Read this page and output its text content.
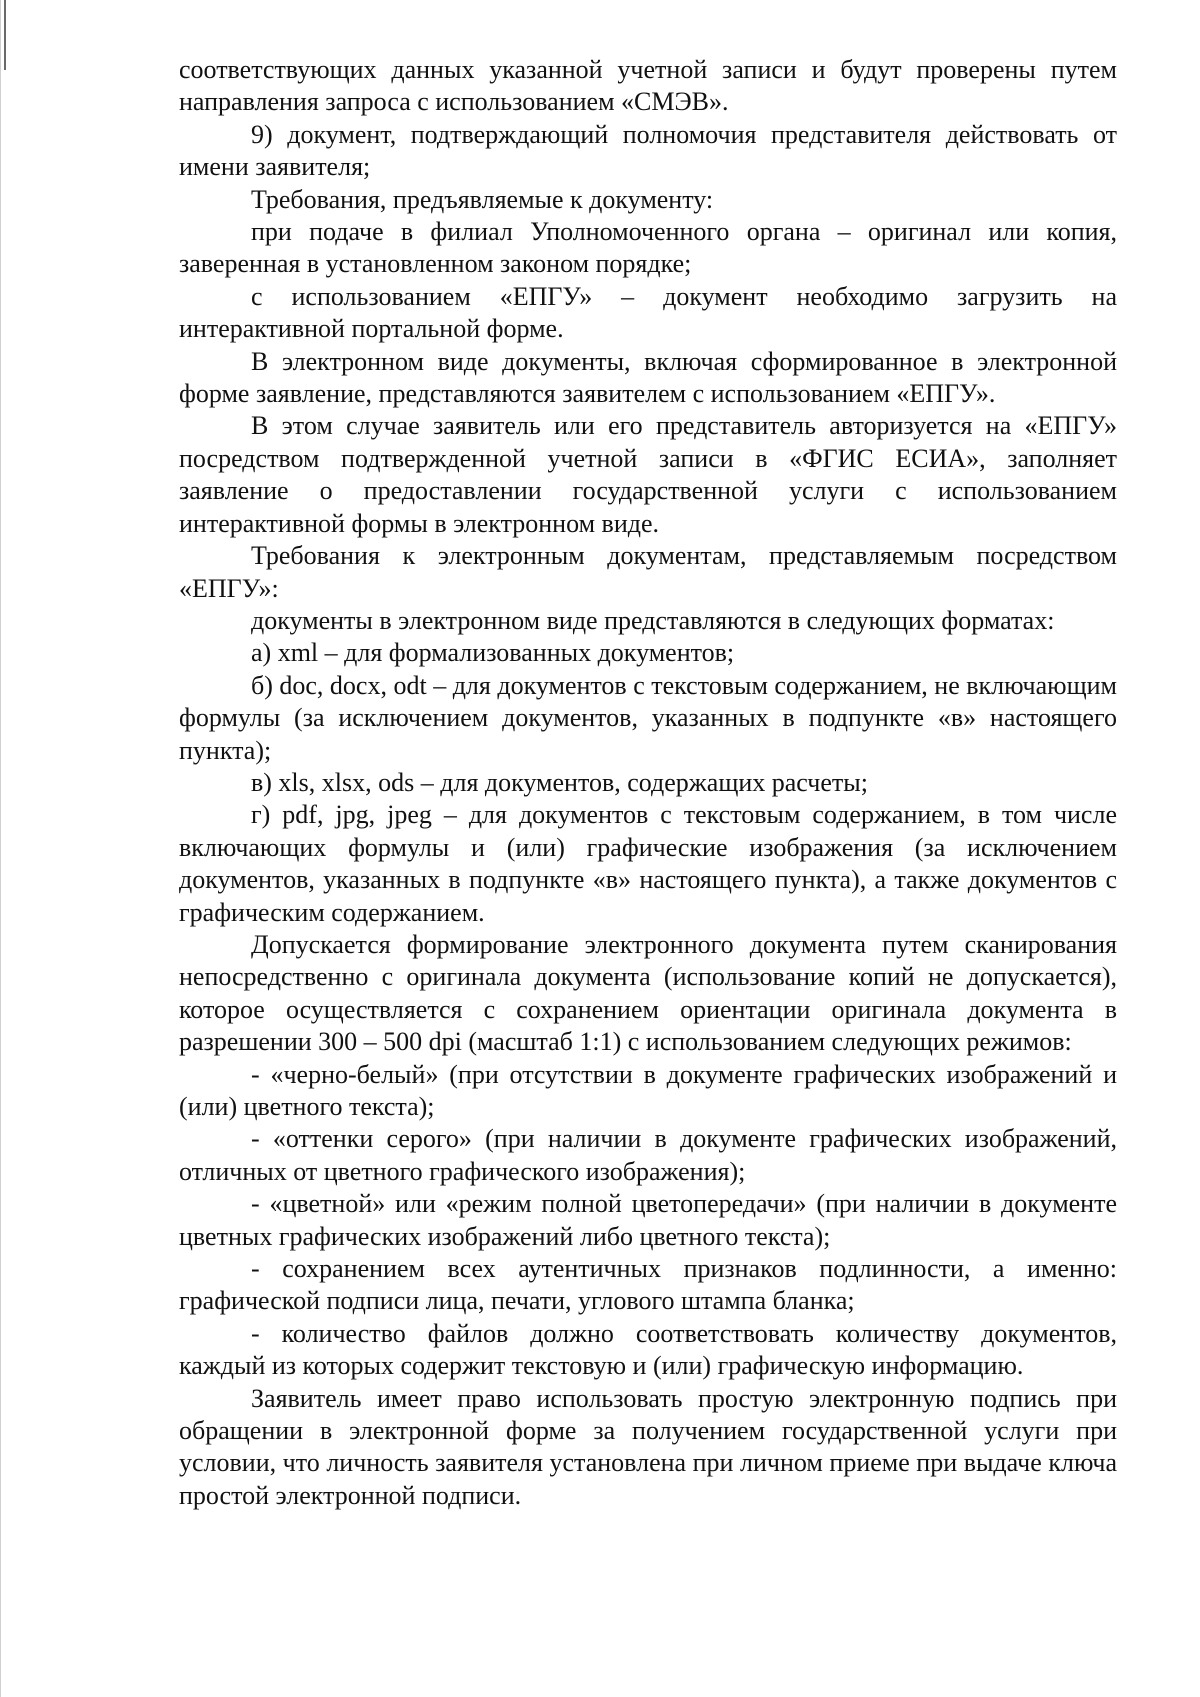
соответствующих данных указанной учетной записи и будут проверены путем направления запроса с использованием «СМЭВ».

9) документ, подтверждающий полномочия представителя действовать от имени заявителя;

Требования, предъявляемые к документу:

при подаче в филиал Уполномоченного органа – оригинал или копия, заверенная в установленном законом порядке;

с использованием «ЕПГУ» – документ необходимо загрузить на интерактивной портальной форме.

В электронном виде документы, включая сформированное в электронной форме заявление, представляются заявителем с использованием «ЕПГУ».

В этом случае заявитель или его представитель авторизуется на «ЕПГУ» посредством подтвержденной учетной записи в «ФГИС ЕСИА», заполняет заявление о предоставлении государственной услуги с использованием интерактивной формы в электронном виде.

Требования к электронным документам, представляемым посредством «ЕПГУ»:

документы в электронном виде представляются в следующих форматах:

а) xml – для формализованных документов;

б) doc, docx, odt – для документов с текстовым содержанием, не включающим формулы (за исключением документов, указанных в подпункте «в» настоящего пункта);

в) xls, xlsx, ods – для документов, содержащих расчеты;

г) pdf, jpg, jpeg – для документов с текстовым содержанием, в том числе включающих формулы и (или) графические изображения (за исключением документов, указанных в подпункте «в» настоящего пункта), а также документов с графическим содержанием.

Допускается формирование электронного документа путем сканирования непосредственно с оригинала документа (использование копий не допускается), которое осуществляется с сохранением ориентации оригинала документа в разрешении 300 – 500 dpi (масштаб 1:1) с использованием следующих режимов:

- «черно-белый» (при отсутствии в документе графических изображений и (или) цветного текста);

- «оттенки серого» (при наличии в документе графических изображений, отличных от цветного графического изображения);

- «цветной» или «режим полной цветопередачи» (при наличии в документе цветных графических изображений либо цветного текста);

- сохранением всех аутентичных признаков подлинности, а именно: графической подписи лица, печати, углового штампа бланка;

- количество файлов должно соответствовать количеству документов, каждый из которых содержит текстовую и (или) графическую информацию.

Заявитель имеет право использовать простую электронную подпись при обращении в электронной форме за получением государственной услуги при условии, что личность заявителя установлена при личном приеме при выдаче ключа простой электронной подписи.
